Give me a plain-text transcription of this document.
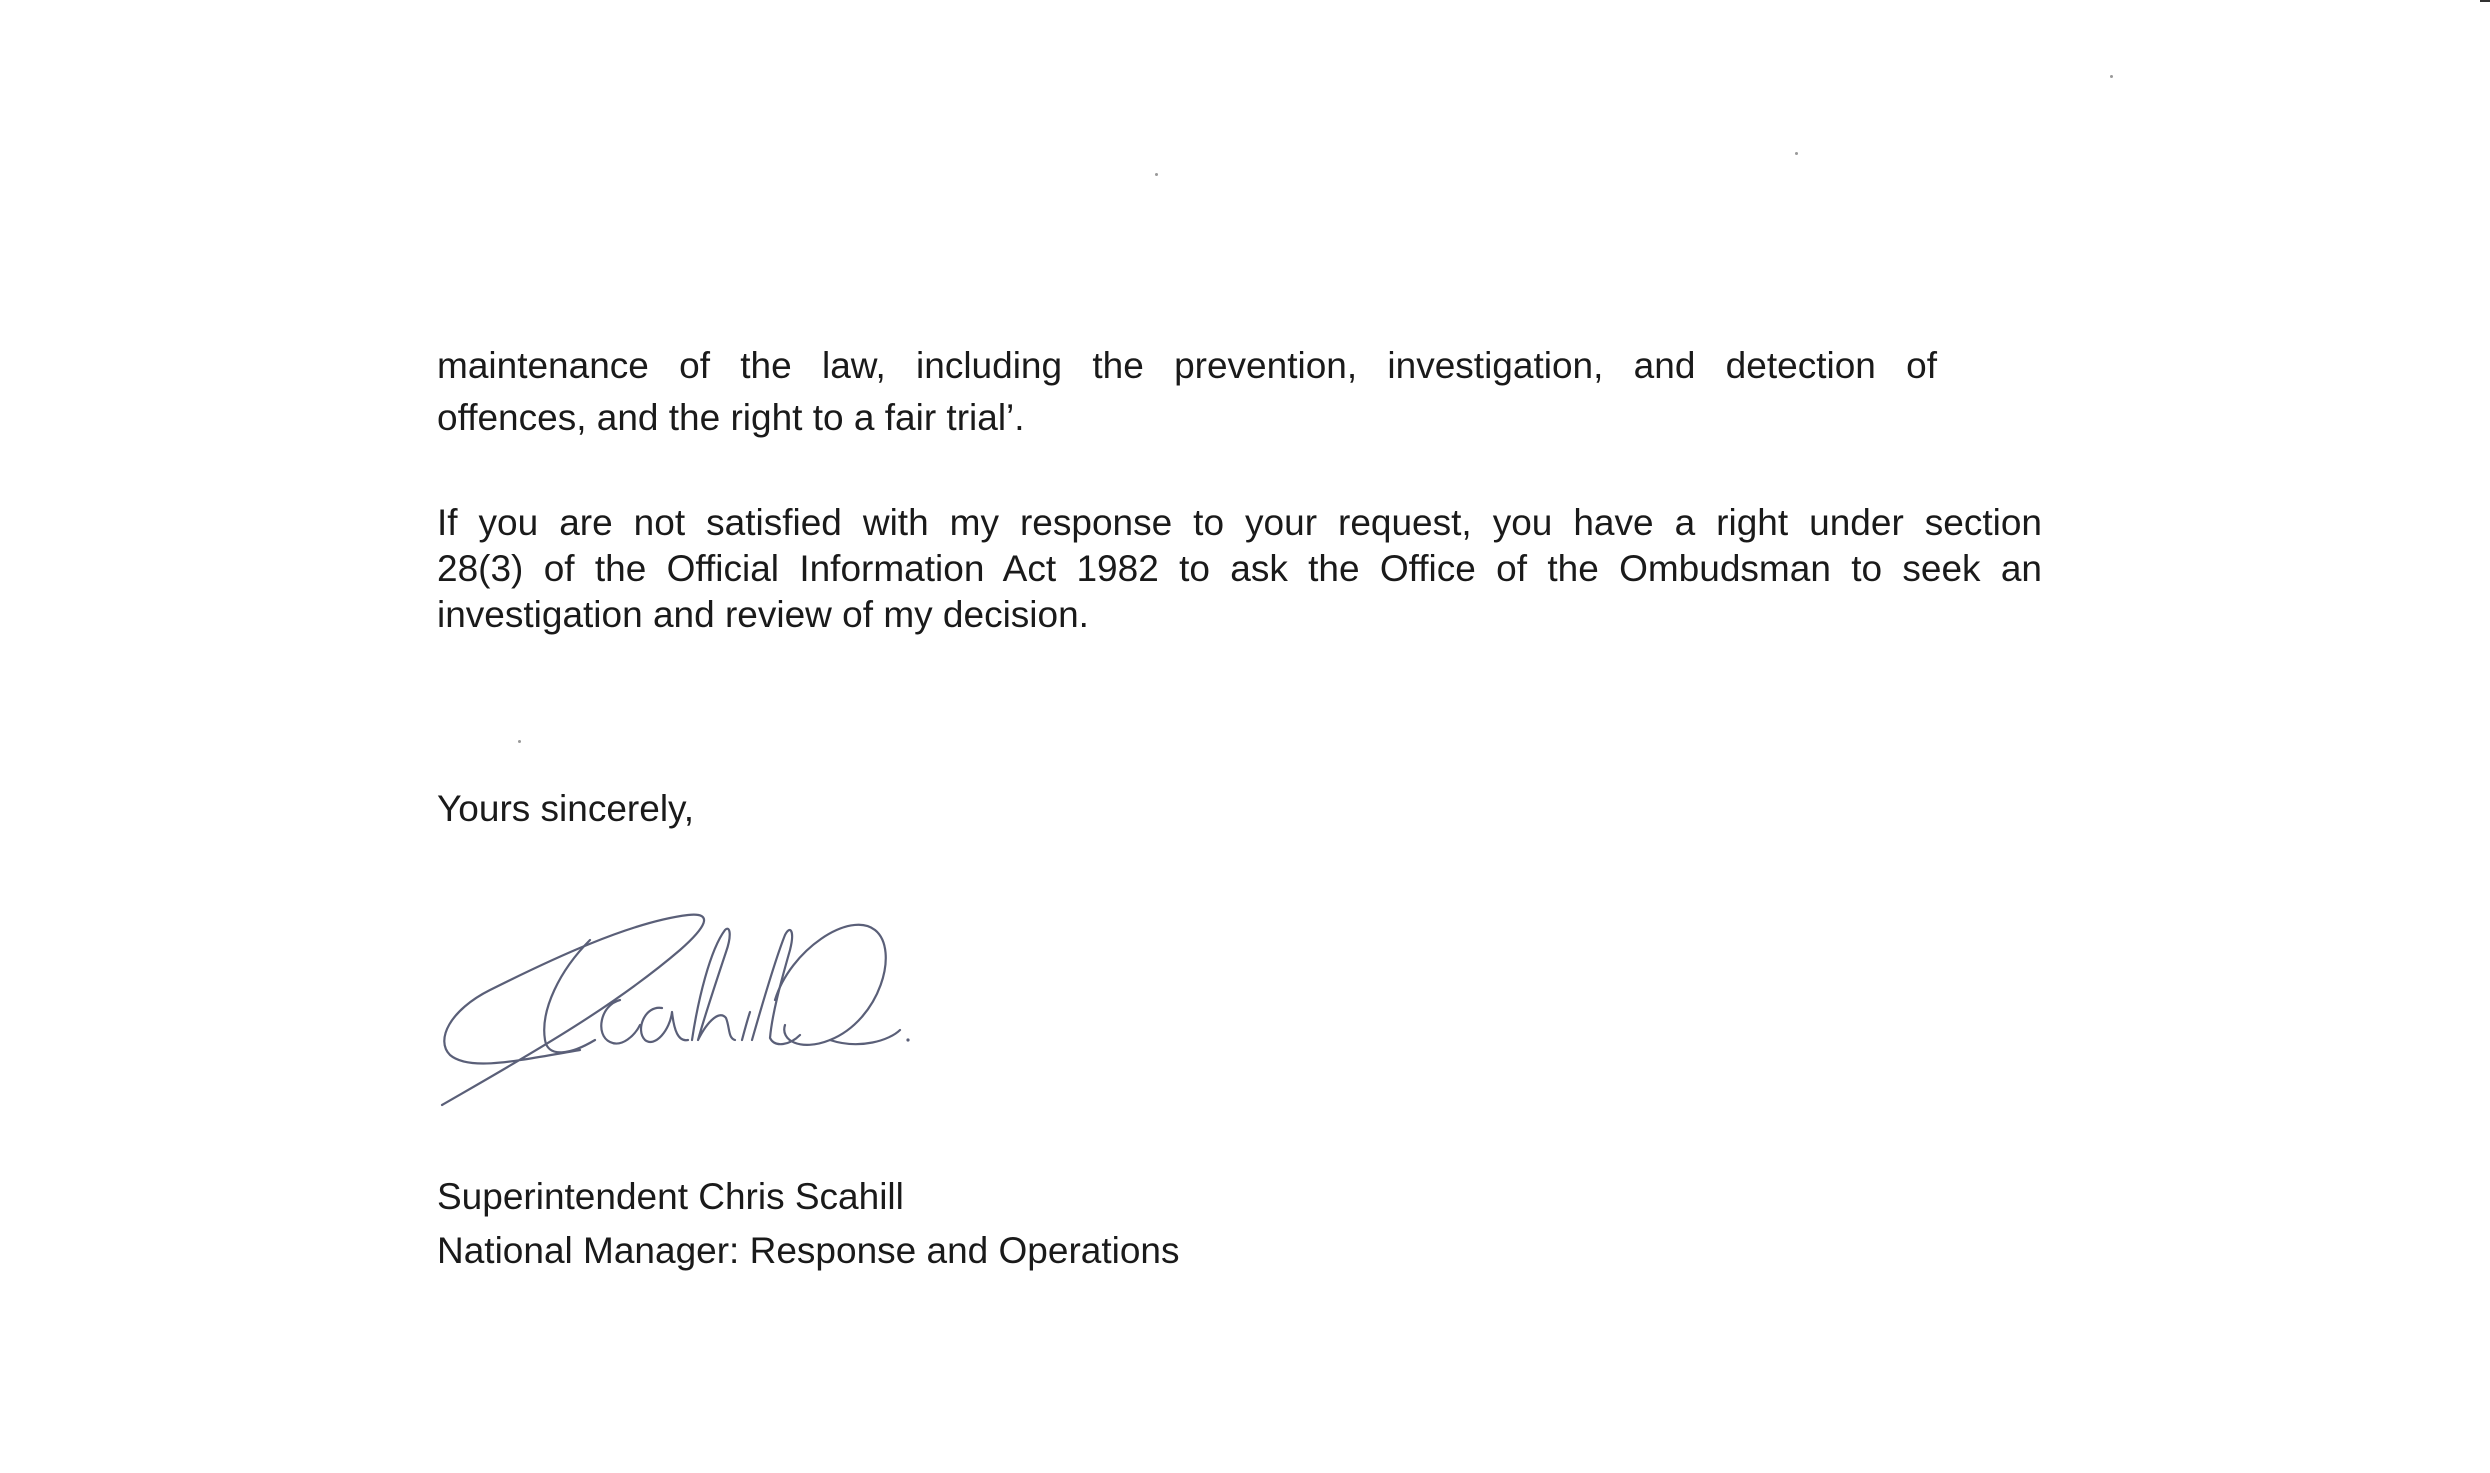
maintenance of the law, including the prevention, investigation, and detection of
offences, and the right to a fair trial’.

If you are not satisfied with my response to your request, you have a right under section
28(3) of the Official Information Act 1982 to ask the Office of the Ombudsman to seek an
investigation and review of my decision.

Yours sincerely,

Superintendent Chris Scahill
National Manager: Response and Operations
